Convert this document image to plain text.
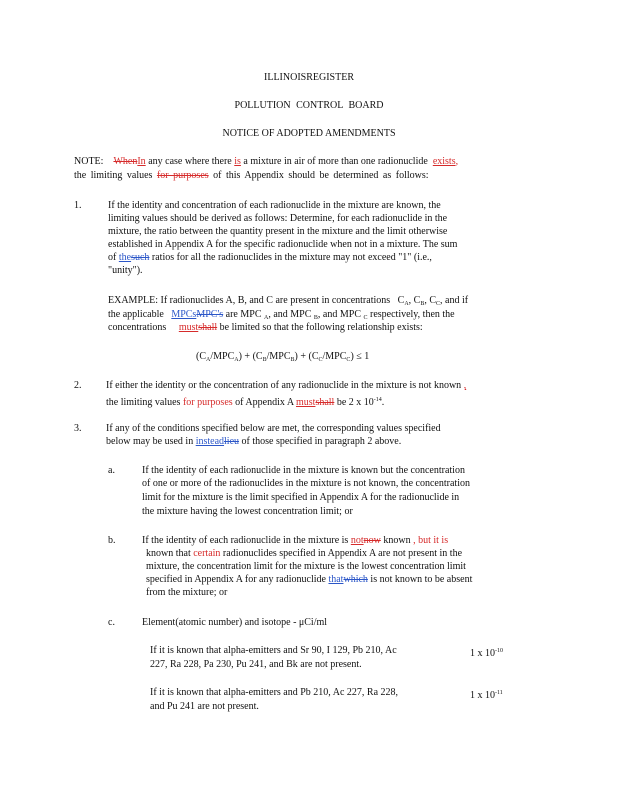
ILLINOISREGISTER
POLLUTION CONTROL BOARD
NOTICE OF ADOPTED AMENDMENTS
NOTE: WhenIn any case where there is a mixture in air of more than one radionuclide exists,
the limiting values for purposes of this Appendix should be determined as follows:
1.	If the identity and concentration of each radionuclide in the mixture are known, the
limiting values should be derived as follows: Determine, for each radionuclide in the
mixture, the ratio between the quantity present in the mixture and the limit otherwise
established in Appendix A for the specific radionuclide when not in a mixture. The sum
of thesuch ratios for all the radionuclides in the mixture may not exceed "1" (i.e.,
"unity").
EXAMPLE: If radionuclides A, B, and C are present in concentrations $C_A$, $C_B$, $C_C$, and if
the applicable MPCsMPC's are MPC $_A$, and MPC $_B$, and MPC $_C$ respectively, then the
concentrations mustshall be limited so that the following relationship exists:
$(C_A/MPC_A) + (C_B/MPC_B) + (C_C/MPC_C) \le 1$
2. If either the identity or the concentration of any radionuclide in the mixture is not known ,
the limiting values for purposes of Appendix A mustshall be 2 x $10^{-14}$.
3. If any of the conditions specified below are met, the corresponding values specified
below may be used in insteadlieu of those specified in paragraph 2 above.
a.	If the identity of each radionuclide in the mixture is known but the concentration
of one or more of the radionuclides in the mixture is not known, the concentration
limit for the mixture is the limit specified in Appendix A for the radionuclide in
the mixture having the lowest concentration limit; or
b.	If the identity of each radionuclide in the mixture is notnow known , but it is
known that certain radionuclides specified in Appendix A are not present in the
mixture, the concentration limit for the mixture is the lowest concentration limit
specified in Appendix A for any radionuclide thatwhich is not known to be absent
from the mixture; or
c.	Element(atomic number) and isotope - μCi/ml
If it is known that alpha-emitters and Sr 90, I 129, Pb 210, Ac	1 x $10^{-10}$
227, Ra 228, Pa 230, Pu 241, and Bk are not present.
If it is known that alpha-emitters and Pb 210, Ac 227, Ra 228,	1 x $10^{-11}$
and Pu 241 are not present.
